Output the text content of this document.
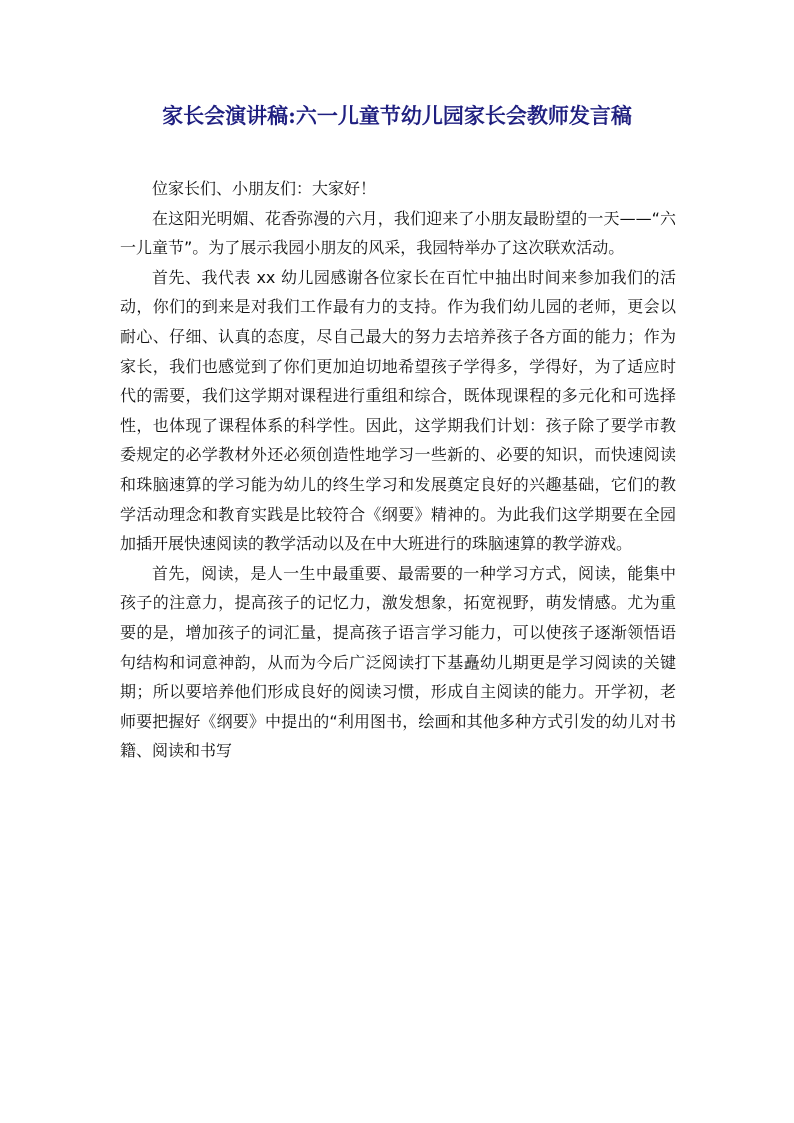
家长会演讲稿:六一儿童节幼儿园家长会教师发言稿

位家长们、小朋友们：大家好！

在这阳光明媚、花香弥漫的六月，我们迎来了小朋友最盼望的一天——“六一儿童节”。为了展示我园小朋友的风采，我园特举办了这次联欢活动。

首先、我代表 xx 幼儿园感谢各位家长在百忙中抽出时间来参加我们的活动，你们的到来是对我们工作最有力的支持。作为我们幼儿园的老师，更会以耐心、仔细、认真的态度，尽自己最大的努力去培养孩子各方面的能力；作为家长，我们也感觉到了你们更加迫切地希望孩子学得多，学得好，为了适应时代的需要，我们这学期对课程进行重组和综合，既体现课程的多元化和可选择性，也体现了课程体系的科学性。因此，这学期我们计划：孩子除了要学市教委规定的必学教材外还必须创造性地学习一些新的、必要的知识，而快速阅读和珠脑速算的学习能为幼儿的终生学习和发展奠定良好的兴趣基础，它们的教学活动理念和教育实践是比较符合《纲要》精神的。为此我们这学期要在全园加插开展快速阅读的教学活动以及在中大班进行的珠脑速算的教学游戏。

首先，阅读，是人一生中最重要、最需要的一种学习方式，阅读，能集中孩子的注意力，提高孩子的记忆力，激发想象，拓宽视野，萌发情感。尤为重要的是，增加孩子的词汇量，提高孩子语言学习能力，可以使孩子逐渐领悟语句结构和词意神韵，从而为今后广泛阅读打下基矗幼儿期更是学习阅读的关键期；所以要培养他们形成良好的阅读习惯，形成自主阅读的能力。开学初，老师要把握好《纲要》中提出的“利用图书，绘画和其他多种方式引发的幼儿对书籍、阅读和书写
